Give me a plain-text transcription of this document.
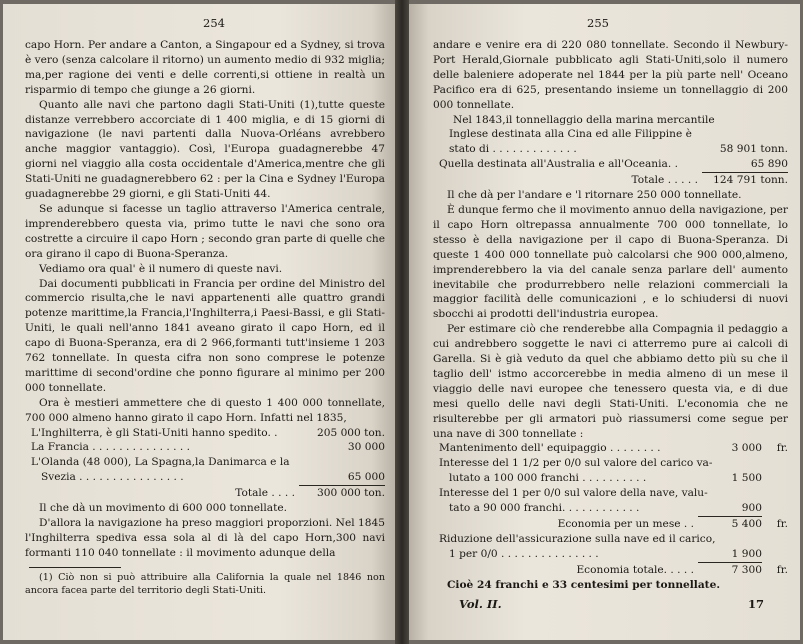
254

capo Horn. Per andare a Canton, a Singapour ed a Sydney, si trova è vero (senza calcolare il ritorno) un aumento medio di 932 miglia; ma,per ragione dei venti e delle correnti,si ottiene in realtà un risparmio di tempo che giunge a 26 giorni.

Quanto alle navi che partono dagli Stati-Uniti (1),tutte queste distanze verrebbero accorciate di 1 400 miglia, e di 15 giorni di navigazione (le navi partenti dalla Nuova-Orléans avrebbero anche maggior vantaggio). Così, l'Europa guadagnerebbe 47 giorni nel viaggio alla costa occidentale d'America,mentre che gli Stati-Uniti ne guadagnerebbero 62 : per la Cina e Sydney l'Europa guadagnerebbe 29 giorni, e gli Stati-Uniti 44.

Se adunque si facesse un taglio attraverso l'America centrale, imprenderebbero questa via, primo tutte le navi che sono ora costrette a circuire il capo Horn ; secondo gran parte di quelle che ora girano il capo di Buona-Speranza.

Vediamo ora qual' è il numero di queste navi.

Dai documenti pubblicati in Francia per ordine del Ministro del commercio risulta,che le navi appartenenti alle quattro grandi potenze marittime,la Francia,l'Inghilterra,i Paesi-Bassi, e gli Stati-Uniti, le quali nell'anno 1841 aveano girato il capo Horn, ed il capo di Buona-Speranza, era di 2 966,formanti tutt'insieme 1 203 762 tonnellate. In questa cifra non sono comprese le potenze marittime di second'ordine che ponno figurare al minimo per 200 000 tonnellate.

Ora è mestieri ammettere che di questo 1 400 000 tonnellate, 700 000 almeno hanno girato il capo Horn. Infatti nel 1835,

L'Inghilterra, è gli Stati-Uniti hanno spedito. .	205 000 ton.
La Francia . . . . . . . . . . . . . . .	30 000
L'Olanda (48 000), La Spagna,la Danimarca e la
Svezia . . . . . . . . . . . . . . . .	65 000
Totale . . . .	300 000 ton.

Il che dà un movimento di 600 000 tonnellate.

D'allora la navigazione ha preso maggiori proporzioni. Nel 1845 l'Inghilterra spediva essa sola al di là del capo Horn,300 navi formanti 110 040 tonnellate : il movimento adunque della

(1) Ciò non si può attribuire alla California la quale nel 1846 non ancora facea parte del territorio degli Stati-Uniti.

255

andare e venire era di 220 080 tonnellate. Secondo il Newbury-Port Herald,Giornale pubblicato agli Stati-Uniti,solo il numero delle baleniere adoperate nel 1844 per la più parte nell' Oceano Pacifico era di 625, presentando insieme un tonnellaggio di 200 000 tonnellate.

Nel 1843,il tonnellaggio della marina mercantile

Inglese destinata alla Cina ed alle Filippine è
stato di . . . . . . . . . . . . .	58 901 tonn.
Quella destinata all'Australia e all'Oceania. .	65 890
Totale . . . . .	124 791 tonn.

Il che dà per l'andare e 'l ritornare 250 000 tonnellate.

È dunque fermo che il movimento annuo della navigazione, per il capo Horn oltrepassa annualmente 700 000 tonnellate, lo stesso è della navigazione per il capo di Buona-Speranza. Di queste 1 400 000 tonnellate può calcolarsi che 900 000,almeno, imprenderebbero la via del canale senza parlare dell' aumento inevitabile che produrrebbero nelle relazioni commerciali la maggior facilità delle comunicazioni , e lo schiudersi di nuovi sbocchi ai prodotti dell'industria europea.

Per estimare ciò che renderebbe alla Compagnia il pedaggio a cui andrebbero soggette le navi ci atterremo pure ai calcoli di Garella. Si è già veduto da quel che abbiamo detto più su che il taglio dell' istmo accorcerebbe in media almeno di un mese il viaggio delle navi europee che tenessero questa via, e di due mesi quello delle navi degli Stati-Uniti. L'economia che ne risulterebbe per gli armatori può riassumersi come segue per una nave di 300 tonnellate :

Mantenimento dell' equipaggio . . . . . . . .	3 000	fr.
Interesse del 1 1/2 per 0/0 sul valore del carico va-
lutato a 100 000 franchi . . . . . . . . . .	1 500
Interesse del 1 per 0/0 sul valore della nave, valu-
tato a 90 000 franchi. . . . . . . . . . . .	900
Economia per un mese . .	5 400	fr.
Riduzione dell'assicurazione sulla nave ed il carico,
1 per 0/0 . . . . . . . . . . . . . . .	1 900
Economia totale. . . . .	7 300	fr.

Cioè 24 franchi e 33 centesimi per tonnellate.

Vol. II.	17
